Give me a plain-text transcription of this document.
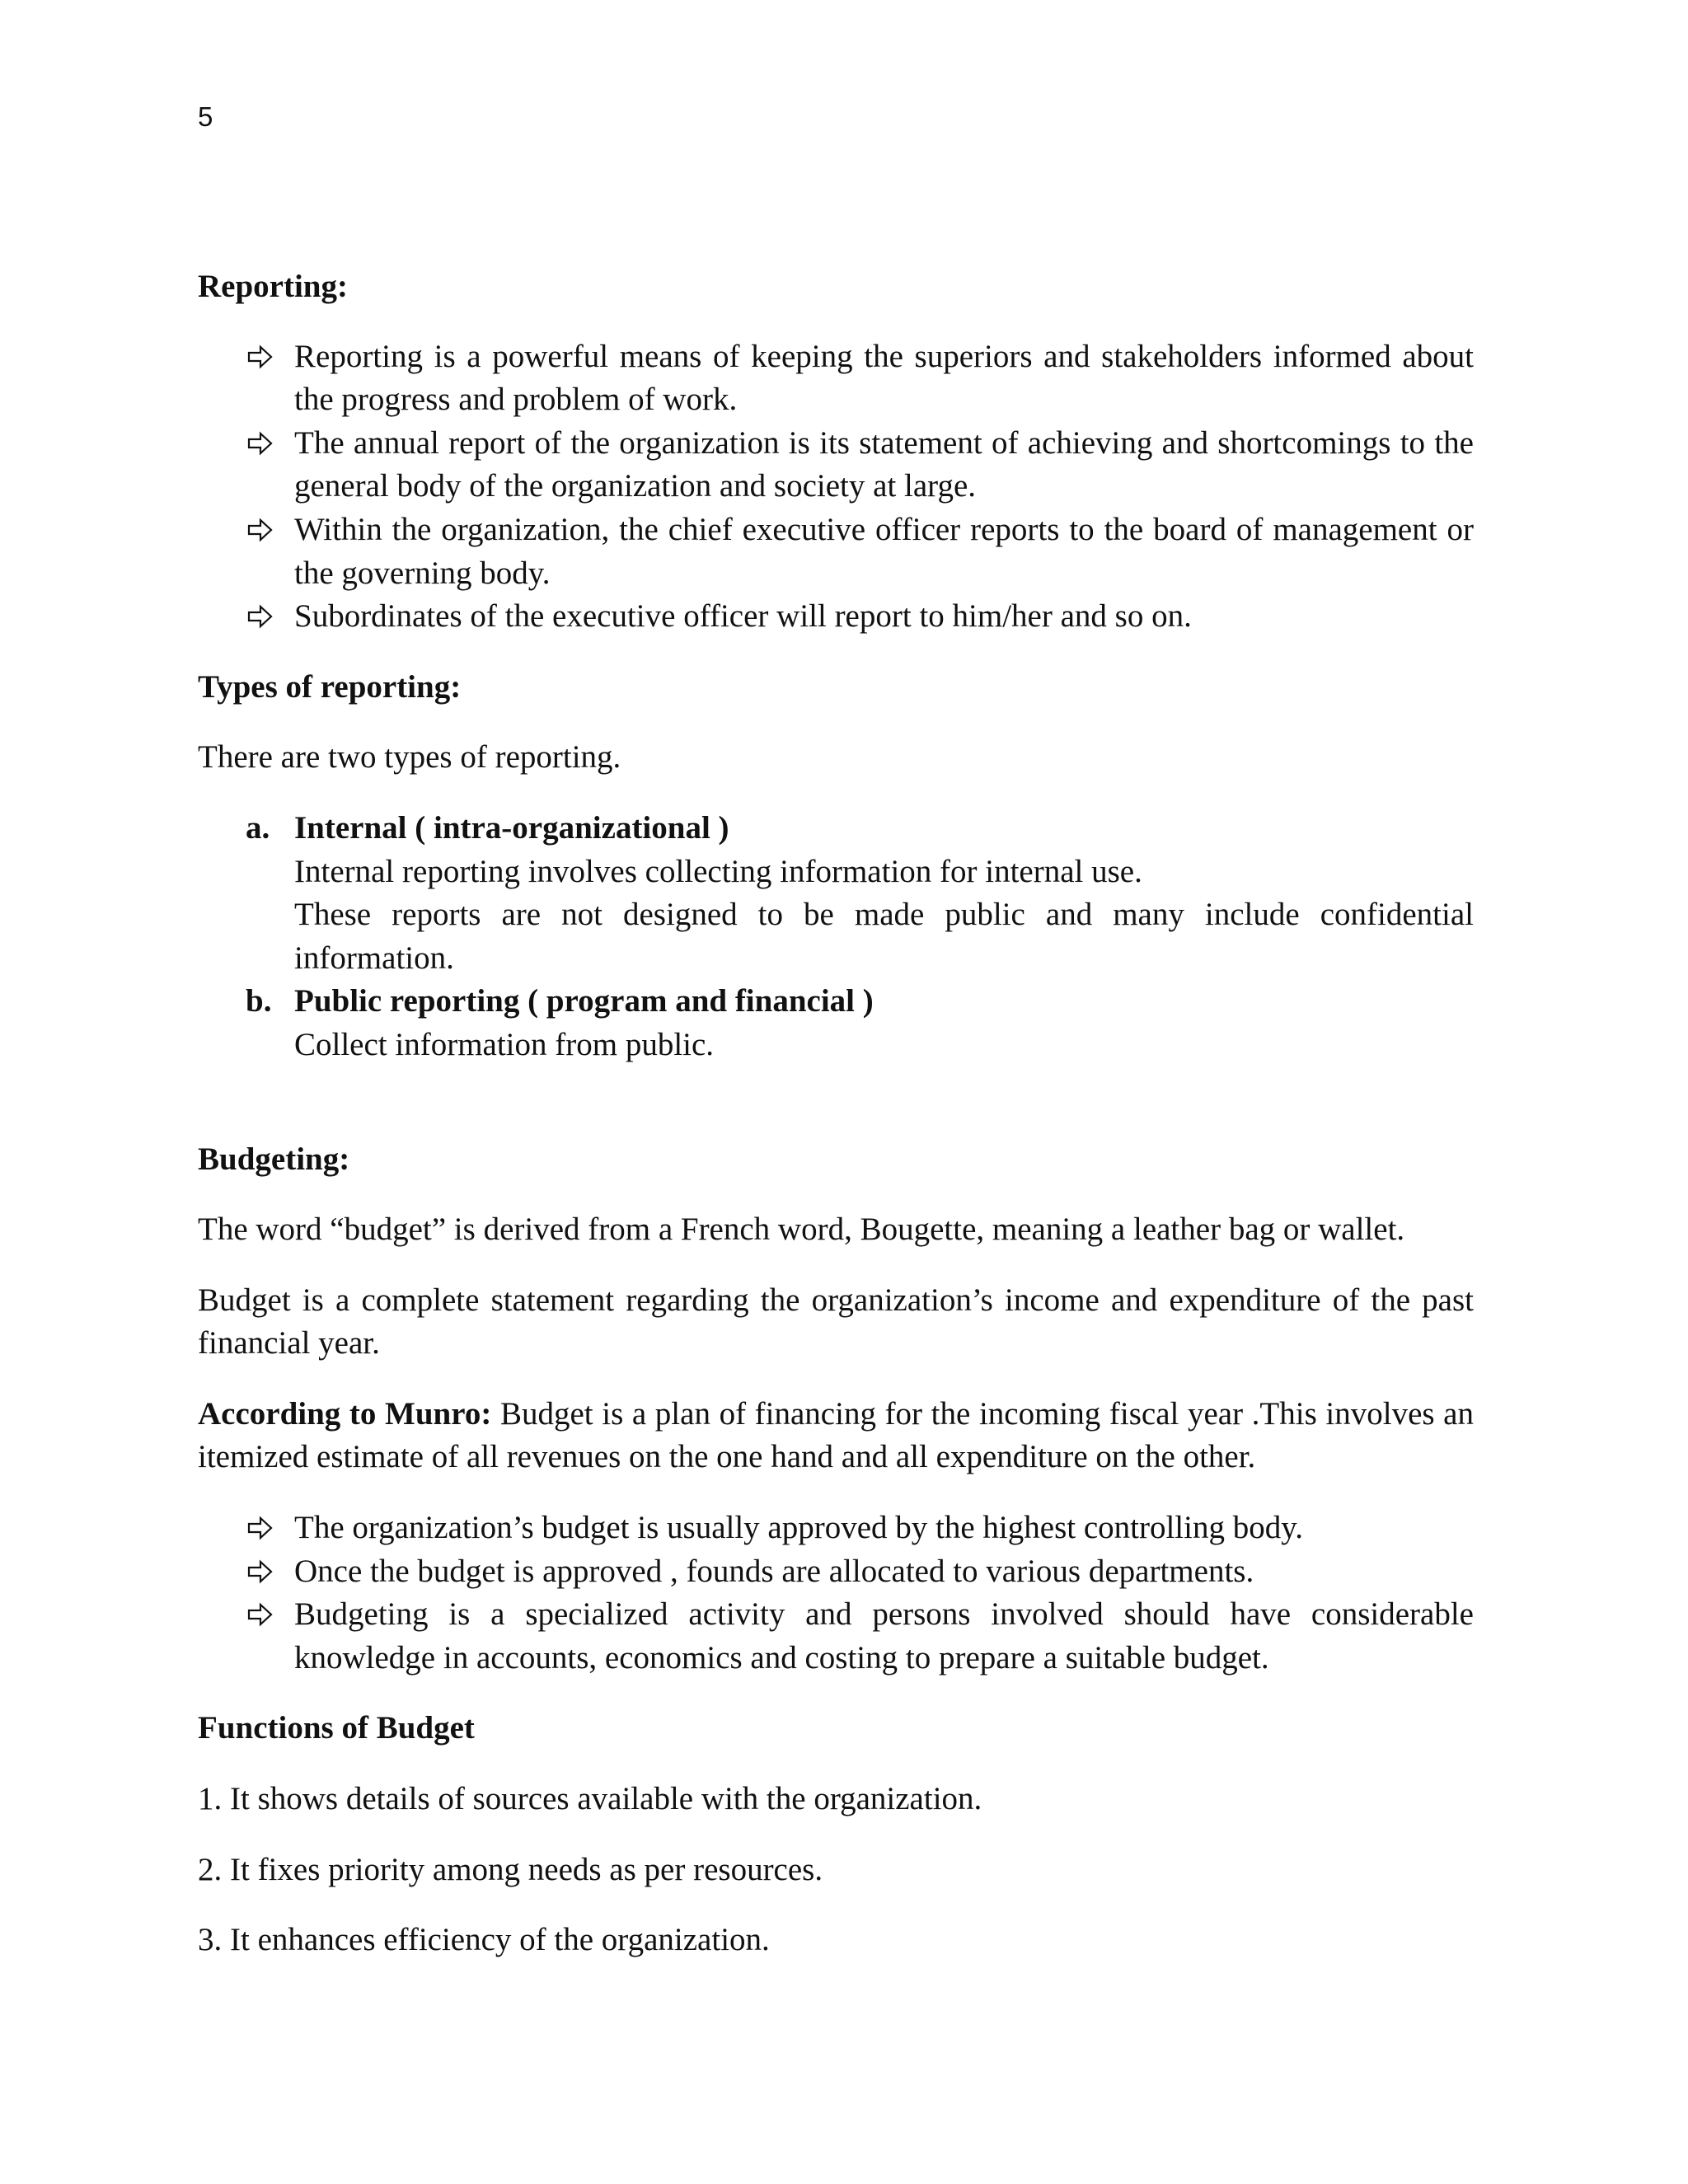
5

Reporting:

Reporting is a powerful means of keeping the superiors and stakeholders informed about the progress and problem of work.
The annual report of the organization is its statement of achieving and shortcomings to the general body of the organization and society at large.
Within the organization, the chief executive officer reports to the board of management or the governing body.
Subordinates of the executive officer will report to him/her and so on.

Types of reporting:

There are two types of reporting.

a. Internal ( intra-organizational )
Internal reporting involves collecting information for internal use.
These reports are not designed to be made public and many include confidential information.
b. Public reporting ( program and financial )
Collect information from public.

Budgeting:

The word “budget” is derived from a French word, Bougette, meaning a leather bag or wallet.

Budget is a complete statement regarding the organization’s income and expenditure of the past financial year.

According to Munro: Budget is a plan of financing for the incoming fiscal year .This involves an itemized estimate of all revenues on the one hand and all expenditure on the other.

The organization’s budget is usually approved by the highest controlling body.
Once the budget is approved , founds are allocated to various departments.
Budgeting is a specialized activity and persons involved should have considerable knowledge in accounts, economics and costing to prepare a suitable budget.

Functions of Budget

1. It shows details of sources available with the organization.

2. It fixes priority among needs as per resources.

3. It enhances efficiency of the organization.
